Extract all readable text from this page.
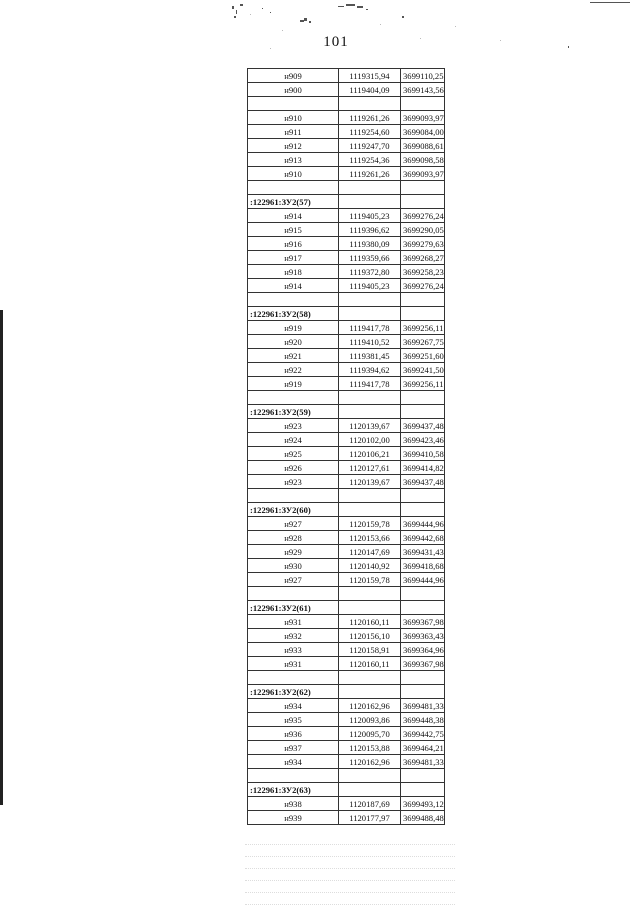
101
н909	1119315,94	3699110,25
н900	1119404,09	3699143,56

н910	1119261,26	3699093,97
н911	1119254,60	3699084,00
н912	1119247,70	3699088,61
н913	1119254,36	3699098,58
н910	1119261,26	3699093,97

:122961:ЗУ2(57)		
н914	1119405,23	3699276,24
н915	1119396,62	3699290,05
н916	1119380,09	3699279,63
н917	1119359,66	3699268,27
н918	1119372,80	3699258,23
н914	1119405,23	3699276,24

:122961:ЗУ2(58)		
н919	1119417,78	3699256,11
н920	1119410,52	3699267,75
н921	1119381,45	3699251,60
н922	1119394,62	3699241,50
н919	1119417,78	3699256,11

:122961:ЗУ2(59)		
н923	1120139,67	3699437,48
н924	1120102,00	3699423,46
н925	1120106,21	3699410,58
н926	1120127,61	3699414,82
н923	1120139,67	3699437,48

:122961:ЗУ2(60)		
н927	1120159,78	3699444,96
н928	1120153,66	3699442,68
н929	1120147,69	3699431,43
н930	1120140,92	3699418,68
н927	1120159,78	3699444,96

:122961:ЗУ2(61)		
н931	1120160,11	3699367,98
н932	1120156,10	3699363,43
н933	1120158,91	3699364,96
н931	1120160,11	3699367,98

:122961:ЗУ2(62)		
н934	1120162,96	3699481,33
н935	1120093,86	3699448,38
н936	1120095,70	3699442,75
н937	1120153,88	3699464,21
н934	1120162,96	3699481,33

:122961:ЗУ2(63)		
н938	1120187,69	3699493,12
н939	1120177,97	3699488,48
